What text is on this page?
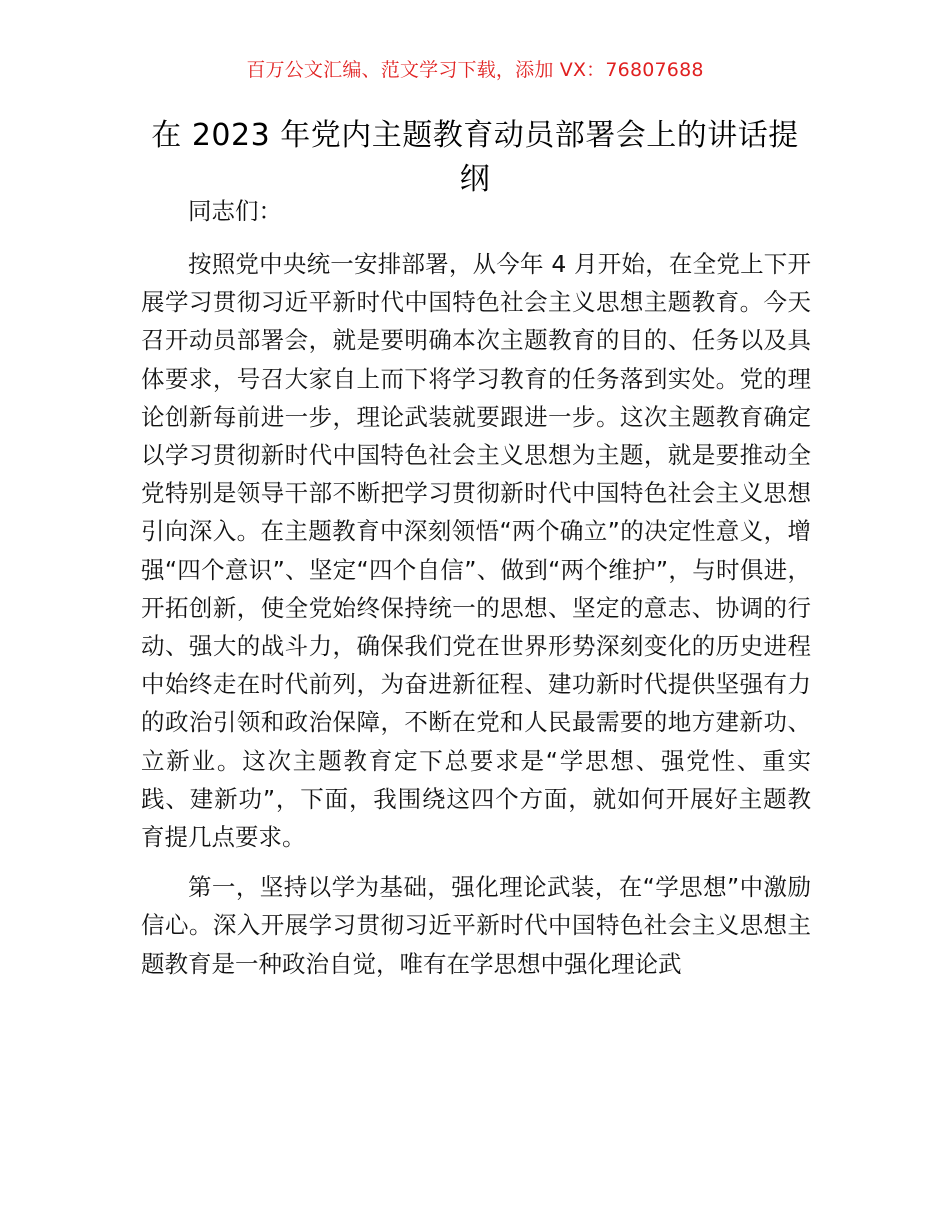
百万公文汇编、范文学习下载，添加 VX：76807688
在 2023 年党内主题教育动员部署会上的讲话提纲

同志们：

按照党中央统一安排部署，从今年 4 月开始，在全党上下开展学习贯彻习近平新时代中国特色社会主义思想主题教育。今天召开动员部署会，就是要明确本次主题教育的目的、任务以及具体要求，号召大家自上而下将学习教育的任务落到实处。党的理论创新每前进一步，理论武装就要跟进一步。这次主题教育确定以学习贯彻新时代中国特色社会主义思想为主题，就是要推动全党特别是领导干部不断把学习贯彻新时代中国特色社会主义思想引向深入。在主题教育中深刻领悟“两个确立”的决定性意义，增强“四个意识”、坚定“四个自信”、做到“两个维护”，与时俱进，开拓创新，使全党始终保持统一的思想、坚定的意志、协调的行动、强大的战斗力，确保我们党在世界形势深刻变化的历史进程中始终走在时代前列，为奋进新征程、建功新时代提供坚强有力的政治引领和政治保障，不断在党和人民最需要的地方建新功、立新业。这次主题教育定下总要求是“学思想、强党性、重实践、建新功”，下面，我围绕这四个方面，就如何开展好主题教育提几点要求。

第一，坚持以学为基础，强化理论武装，在“学思想”中激励信心。深入开展学习贯彻习近平新时代中国特色社会主义思想主题教育是一种政治自觉，唯有在学思想中强化理论武
